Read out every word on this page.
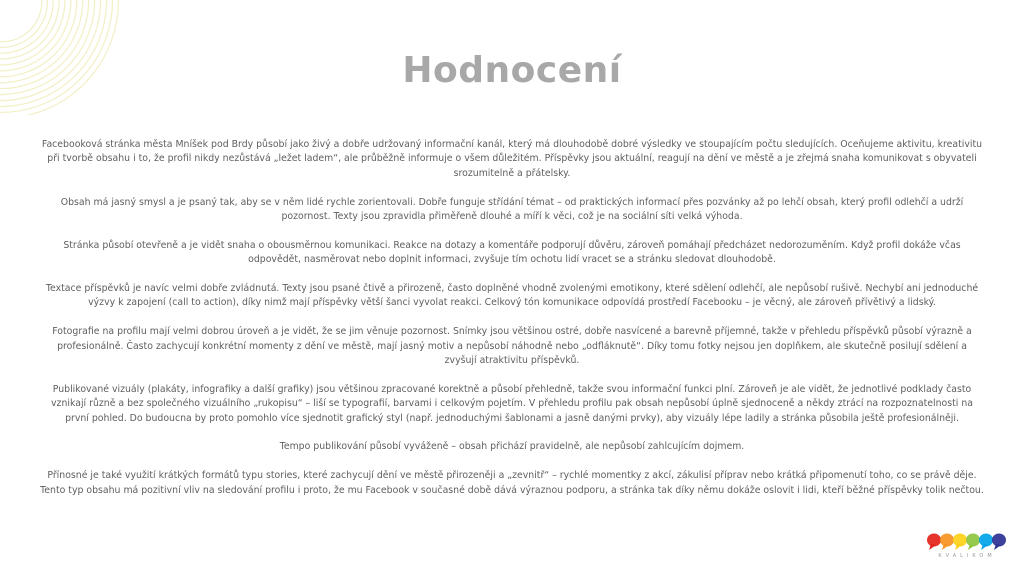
Hodnocení

Facebooková stránka města Mníšek pod Brdy působí jako živý a dobře udržovaný informační kanál, který má dlouhodobě dobré výsledky ve stoupajícím počtu sledujících. Oceňujeme aktivitu, kreativitu při tvorbě obsahu i to, že profil nikdy nezůstává „ležet ladem“, ale průběžně informuje o všem důležitém. Příspěvky jsou aktuální, reagují na dění ve městě a je zřejmá snaha komunikovat s obyvateli srozumitelně a přátelsky.

Obsah má jasný smysl a je psaný tak, aby se v něm lidé rychle zorientovali. Dobře funguje střídání témat – od praktických informací přes pozvánky až po lehčí obsah, který profil odlehčí a udrží pozornost. Texty jsou zpravidla přiměřeně dlouhé a míří k věci, což je na sociální síti velká výhoda.

Stránka působí otevřeně a je vidět snaha o obousměrnou komunikaci. Reakce na dotazy a komentáře podporují důvěru, zároveň pomáhají předcházet nedorozuměním. Když profil dokáže včas odpovědět, nasměrovat nebo doplnit informaci, zvyšuje tím ochotu lidí vracet se a stránku sledovat dlouhodobě.

Textace příspěvků je navíc velmi dobře zvládnutá. Texty jsou psané čtivě a přirozeně, často doplněné vhodně zvolenými emotikony, které sdělení odlehčí, ale nepůsobí rušivě. Nechybí ani jednoduché výzvy k zapojení (call to action), díky nimž mají příspěvky větší šanci vyvolat reakci. Celkový tón komunikace odpovídá prostředí Facebooku – je věcný, ale zároveň přívětivý a lidský.

Fotografie na profilu mají velmi dobrou úroveň a je vidět, že se jim věnuje pozornost. Snímky jsou většinou ostré, dobře nasvícené a barevně příjemné, takže v přehledu příspěvků působí výrazně a profesionálně. Často zachycují konkrétní momenty z dění ve městě, mají jasný motiv a nepůsobí náhodně nebo „odfláknutě“. Díky tomu fotky nejsou jen doplňkem, ale skutečně posilují sdělení a zvyšují atraktivitu příspěvků.

Publikované vizuály (plakáty, infografiky a další grafiky) jsou většinou zpracované korektně a působí přehledně, takže svou informační funkci plní. Zároveň je ale vidět, že jednotlivé podklady často vznikají různě a bez společného vizuálního „rukopisu“ – liší se typografií, barvami i celkovým pojetím. V přehledu profilu pak obsah nepůsobí úplně sjednoceně a někdy ztrácí na rozpoznatelnosti na první pohled. Do budoucna by proto pomohlo více sjednotit grafický styl (např. jednoduchými šablonami a jasně danými prvky), aby vizuály lépe ladily a stránka působila ještě profesionálněji.

Tempo publikování působí vyváženě – obsah přichází pravidelně, ale nepůsobí zahlcujícím dojmem.

Přínosné je také využití krátkých formátů typu stories, které zachycují dění ve městě přirozeněji a „zevnitř“ – rychlé momentky z akcí, zákulisí příprav nebo krátká připomenutí toho, co se právě děje. Tento typ obsahu má pozitivní vliv na sledování profilu i proto, že mu Facebook v současné době dává výraznou podporu, a stránka tak díky němu dokáže oslovit i lidi, kteří běžné příspěvky tolik nečtou.

KVALIKOM
